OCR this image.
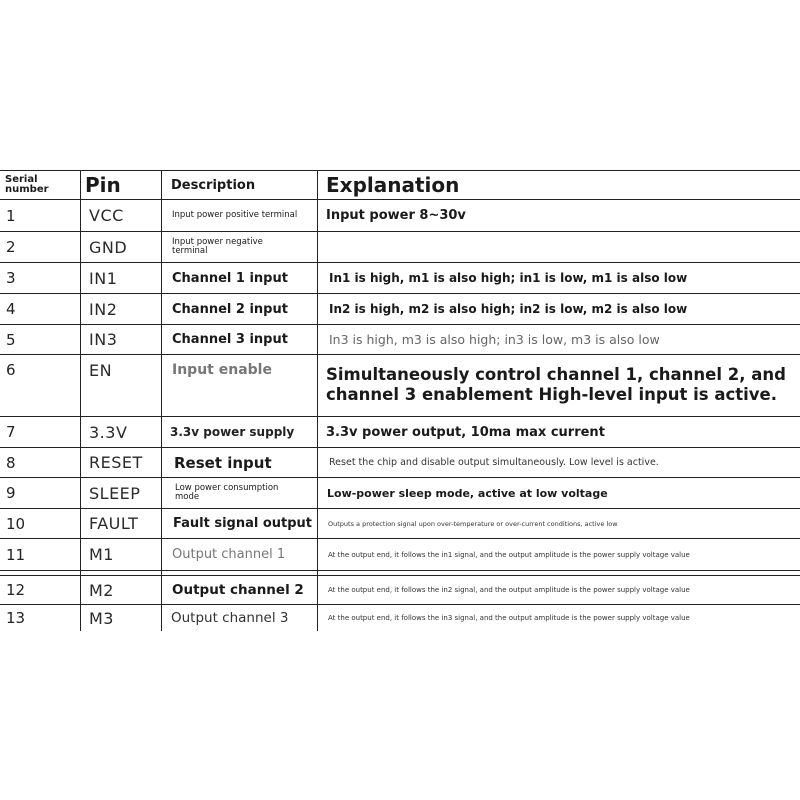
Serial number	Pin	Description	Explanation
1	VCC	Input power positive terminal	Input power 8~30v
2	GND	Input power negative terminal
3	IN1	Channel 1 input	In1 is high, m1 is also high; in1 is low, m1 is also low
4	IN2	Channel 2 input	In2 is high, m2 is also high; in2 is low, m2 is also low
5	IN3	Channel 3 input	In3 is high, m3 is also high; in3 is low, m3 is also low
6	EN	Input enable	Simultaneously control channel 1, channel 2, and channel 3 enablement High-level input is active.
7	3.3V	3.3v power supply	3.3v power output, 10ma max current
8	RESET	Reset input	Reset the chip and disable output simultaneously. Low level is active.
9	SLEEP	Low power consumption mode	Low-power sleep mode, active at low voltage
10	FAULT	Fault signal output	Outputs a protection signal upon over-temperature or over-current conditions, active low
11	M1	Output channel 1	At the output end, it follows the in1 signal, and the output amplitude is the power supply voltage value
12	M2	Output channel 2	At the output end, it follows the in2 signal, and the output amplitude is the power supply voltage value
13	M3	Output channel 3	At the output end, it follows the in3 signal, and the output amplitude is the power supply voltage value
